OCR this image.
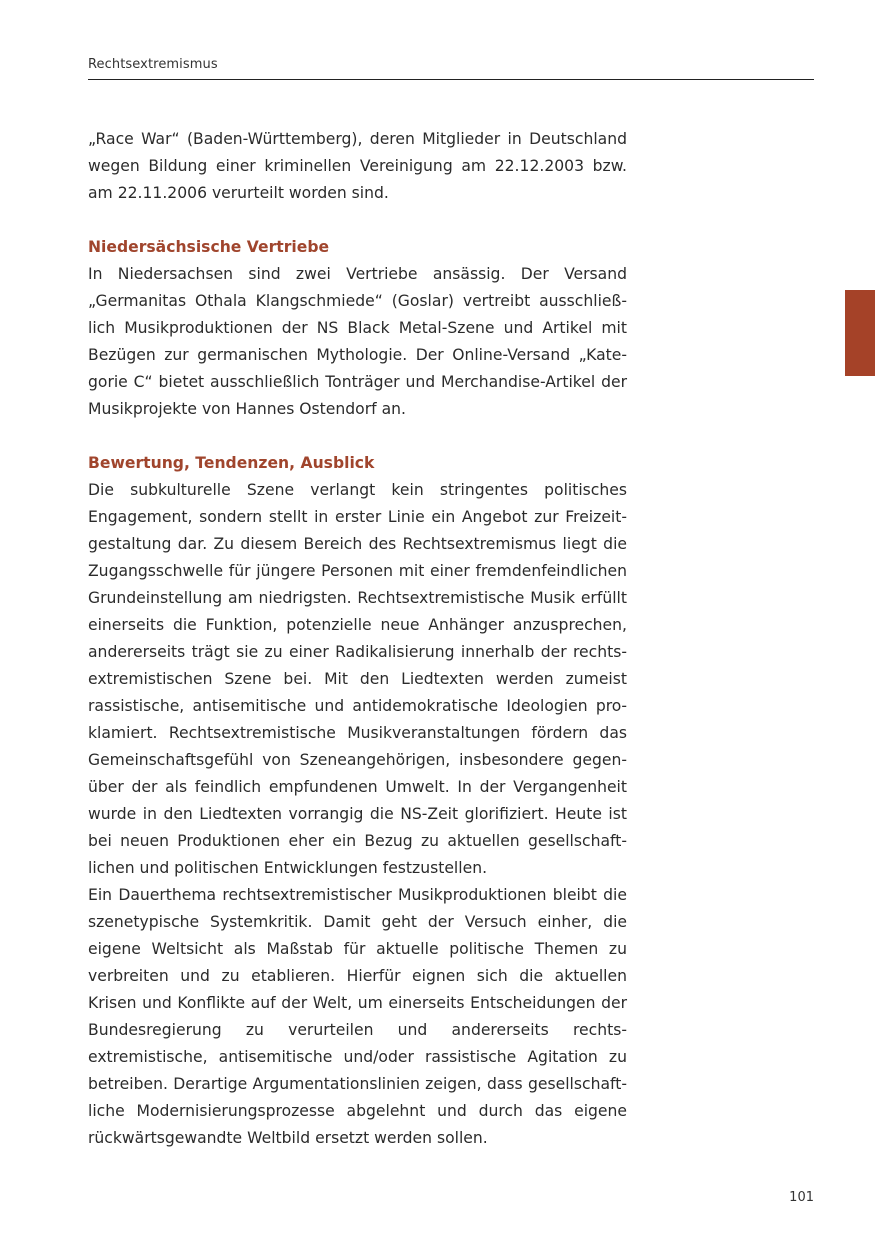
Rechtsextremismus

„Race War“ (Baden-Württemberg), deren Mitglieder in Deutschland wegen Bildung einer kriminellen Vereinigung am 22.12.2003 bzw. am 22.11.2006 verurteilt worden sind.

Niedersächsische Vertriebe

In Niedersachsen sind zwei Vertriebe ansässig. Der Versand „Germanitas Othala Klangschmiede“ (Goslar) vertreibt ausschließlich Musikproduktionen der NS Black Metal-Szene und Artikel mit Bezügen zur germanischen Mythologie. Der Online-Versand „Kategorie C“ bietet ausschließlich Tonträger und Merchandise-Artikel der Musikprojekte von Hannes Ostendorf an.

Bewertung, Tendenzen, Ausblick

Die subkulturelle Szene verlangt kein stringentes politisches Engagement, sondern stellt in erster Linie ein Angebot zur Freizeitgestaltung dar. Zu diesem Bereich des Rechtsextremismus liegt die Zugangsschwelle für jüngere Personen mit einer fremdenfeindlichen Grundeinstellung am niedrigsten. Rechtsextremistische Musik erfüllt einerseits die Funktion, potenzielle neue Anhänger anzusprechen, andererseits trägt sie zu einer Radikalisierung innerhalb der rechtsextremistischen Szene bei. Mit den Liedtexten werden zumeist rassistische, antisemitische und antidemokratische Ideologien proklamiert. Rechtsextremistische Musikveranstaltungen fördern das Gemeinschaftsgefühl von Szeneangehörigen, insbesondere gegenüber der als feindlich empfundenen Umwelt. In der Vergangenheit wurde in den Liedtexten vorrangig die NS-Zeit glorifiziert. Heute ist bei neuen Produktionen eher ein Bezug zu aktuellen gesellschaftlichen und politischen Entwicklungen festzustellen.

Ein Dauerthema rechtsextremistischer Musikproduktionen bleibt die szenetypische Systemkritik. Damit geht der Versuch einher, die eigene Weltsicht als Maßstab für aktuelle politische Themen zu verbreiten und zu etablieren. Hierfür eignen sich die aktuellen Krisen und Konflikte auf der Welt, um einerseits Entscheidungen der Bundesregierung zu verurteilen und andererseits rechtsextremistische, antisemitische und/oder rassistische Agitation zu betreiben. Derartige Argumentationslinien zeigen, dass gesellschaftliche Modernisierungsprozesse abgelehnt und durch das eigene rückwärtsgewandte Weltbild ersetzt werden sollen.

101
